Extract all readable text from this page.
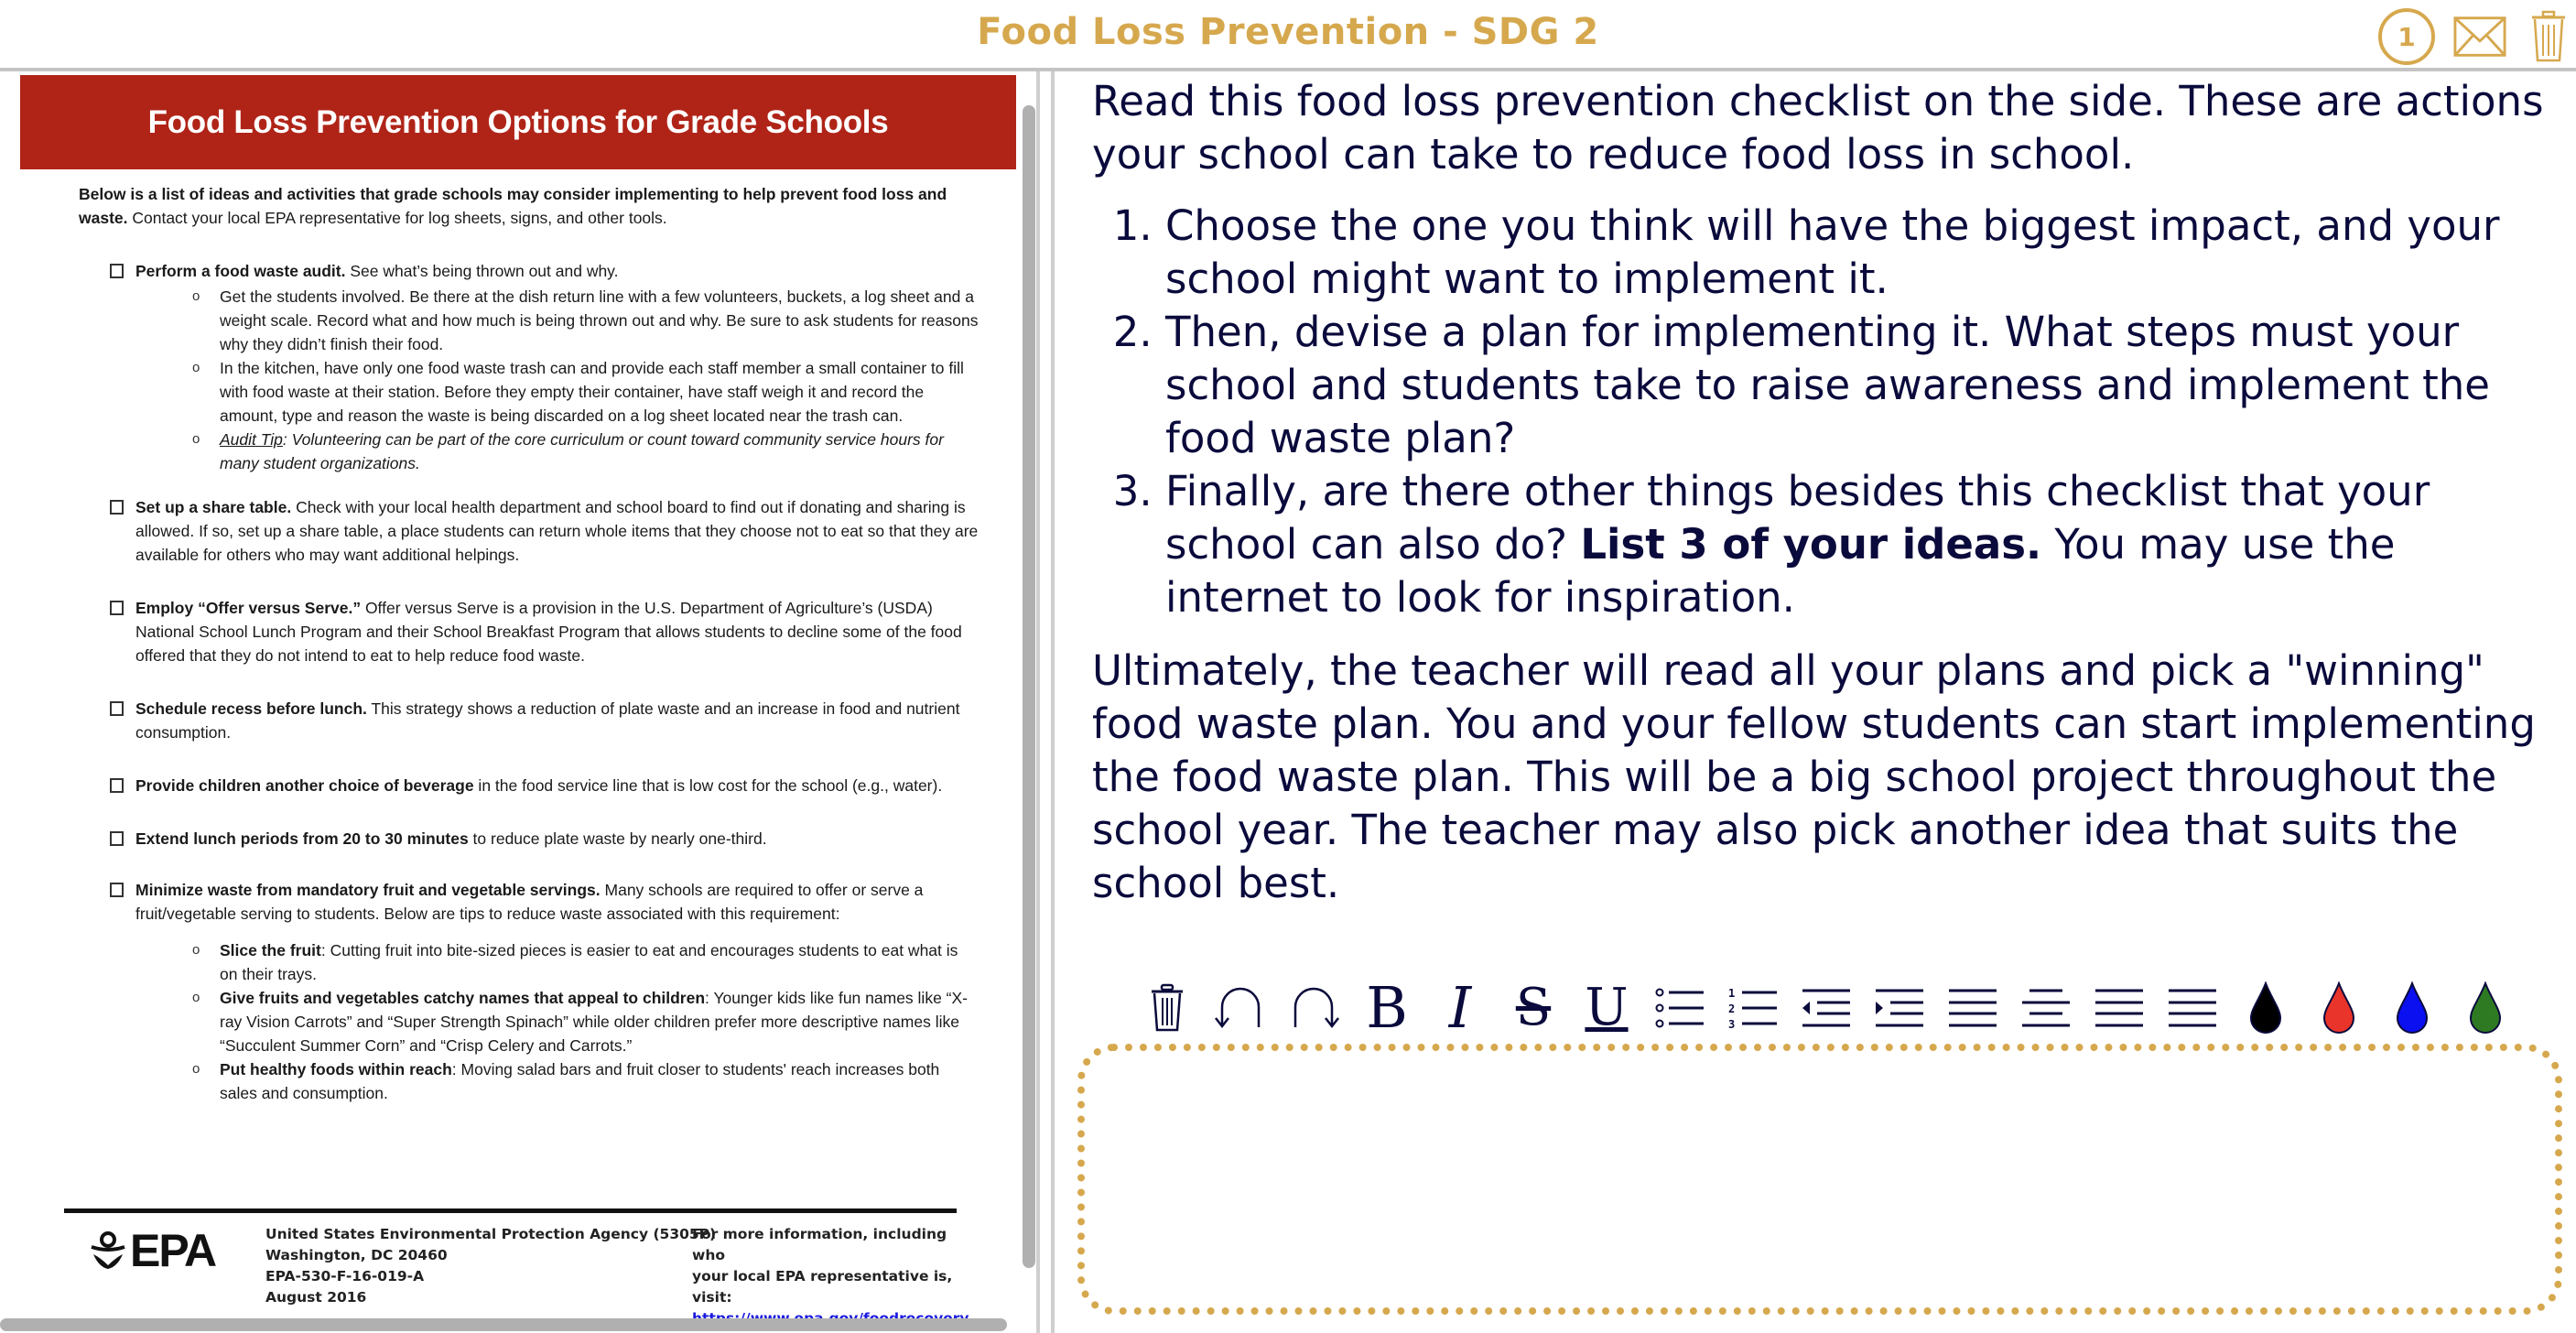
Food Loss Prevention - SDG 2	1
Food Loss Prevention Options for Grade Schools
Below is a list of ideas and activities that grade schools may consider implementing to help prevent food loss and waste. Contact your local EPA representative for log sheets, signs, and other tools.
Perform a food waste audit. See what’s being thrown out and why.
o Get the students involved. Be there at the dish return line with a few volunteers, buckets, a log sheet and a weight scale. Record what and how much is being thrown out and why. Be sure to ask students for reasons why they didn’t finish their food.
o In the kitchen, have only one food waste trash can and provide each staff member a small container to fill with food waste at their station. Before they empty their container, have staff weigh it and record the amount, type and reason the waste is being discarded on a log sheet located near the trash can.
o Audit Tip: Volunteering can be part of the core curriculum or count toward community service hours for many student organizations.
Set up a share table. Check with your local health department and school board to find out if donating and sharing is allowed. If so, set up a share table, a place students can return whole items that they choose not to eat so that they are available for others who may want additional helpings.
Employ “Offer versus Serve.” Offer versus Serve is a provision in the U.S. Department of Agriculture’s (USDA) National School Lunch Program and their School Breakfast Program that allows students to decline some of the food offered that they do not intend to eat to help reduce food waste.
Schedule recess before lunch. This strategy shows a reduction of plate waste and an increase in food and nutrient consumption.
Provide children another choice of beverage in the food service line that is low cost for the school (e.g., water).
Extend lunch periods from 20 to 30 minutes to reduce plate waste by nearly one-third.
Minimize waste from mandatory fruit and vegetable servings. Many schools are required to offer or serve a fruit/vegetable serving to students. Below are tips to reduce waste associated with this requirement:
o Slice the fruit: Cutting fruit into bite-sized pieces is easier to eat and encourages students to eat what is on their trays.
o Give fruits and vegetables catchy names that appeal to children: Younger kids like fun names like “X-ray Vision Carrots” and “Super Strength Spinach” while older children prefer more descriptive names like “Succulent Summer Corn” and “Crisp Celery and Carrots.”
o Put healthy foods within reach: Moving salad bars and fruit closer to students' reach increases both sales and consumption.
EPA	United States Environmental Protection Agency (5305P)
Washington, DC 20460
EPA-530-F-16-019-A
August 2016
For more information, including who
your local EPA representative is, visit:

Read this food loss prevention checklist on the side. These are actions your school can take to reduce food loss in school.

1. Choose the one you think will have the biggest impact, and your school might want to implement it.
2. Then, devise a plan for implementing it. What steps must your school and students take to raise awareness and implement the food waste plan?
3. Finally, are there other things besides this checklist that your school can also do? List 3 of your ideas. You may use the internet to look for inspiration.

Ultimately, the teacher will read all your plans and pick a "winning" food waste plan. You and your fellow students can start implementing the food waste plan. This will be a big school project throughout the school year. The teacher may also pick another idea that suits the school best.

B I S U	1
2
3
